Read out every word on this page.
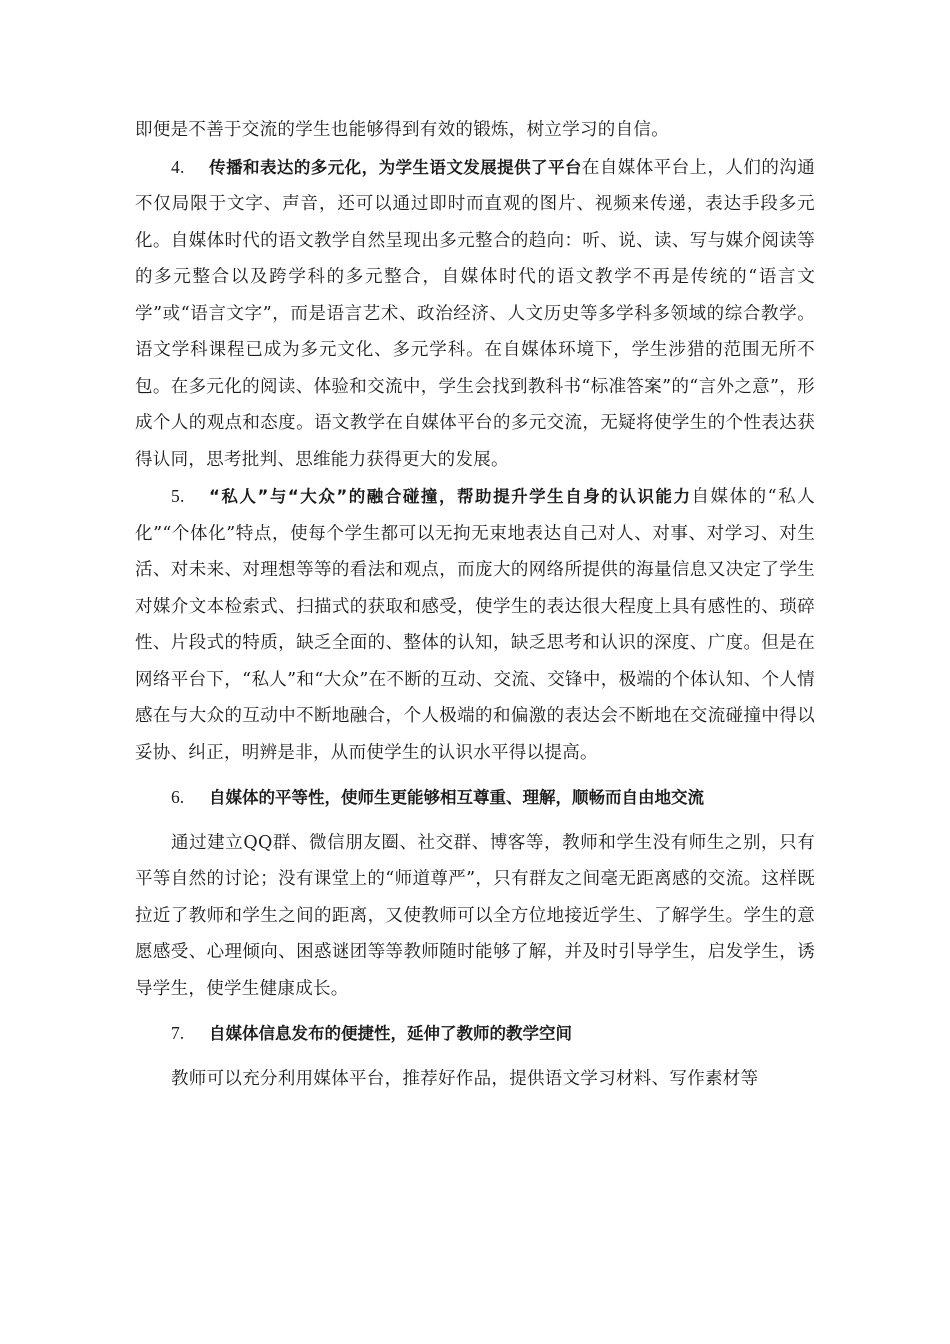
即便是不善于交流的学生也能够得到有效的锻炼，树立学习的自信。

4. 传播和表达的多元化，为学生语文发展提供了平台在自媒体平台上，人们的沟通不仅局限于文字、声音，还可以通过即时而直观的图片、视频来传递，表达手段多元化。自媒体时代的语文教学自然呈现出多元整合的趋向：听、说、读、写与媒介阅读等的多元整合以及跨学科的多元整合，自媒体时代的语文教学不再是传统的“语言文学”或“语言文字”，而是语言艺术、政治经济、人文历史等多学科多领域的综合教学。语文学科课程已成为多元文化、多元学科。在自媒体环境下，学生涉猎的范围无所不包。在多元化的阅读、体验和交流中，学生会找到教科书“标准答案”的“言外之意”，形成个人的观点和态度。语文教学在自媒体平台的多元交流，无疑将使学生的个性表达获得认同，思考批判、思维能力获得更大的发展。

5. “私人”与“大众”的融合碰撞，帮助提升学生自身的认识能力自媒体的“私人化”“个体化”特点，使每个学生都可以无拘无束地表达自己对人、对事、对学习、对生活、对未来、对理想等等的看法和观点，而庞大的网络所提供的海量信息又决定了学生对媒介文本检索式、扫描式的获取和感受，使学生的表达很大程度上具有感性的、琐碎性、片段式的特质，缺乏全面的、整体的认知，缺乏思考和认识的深度、广度。但是在网络平台下，“私人”和“大众”在不断的互动、交流、交锋中，极端的个体认知、个人情感在与大众的互动中不断地融合，个人极端的和偏激的表达会不断地在交流碰撞中得以妥协、纠正，明辨是非，从而使学生的认识水平得以提高。

6. 自媒体的平等性，使师生更能够相互尊重、理解，顺畅而自由地交流

通过建立QQ群、微信朋友圈、社交群、博客等，教师和学生没有师生之别，只有平等自然的讨论；没有课堂上的“师道尊严”，只有群友之间毫无距离感的交流。这样既拉近了教师和学生之间的距离，又使教师可以全方位地接近学生、了解学生。学生的意愿感受、心理倾向、困惑谜团等等教师随时能够了解，并及时引导学生，启发学生，诱导学生，使学生健康成长。

7. 自媒体信息发布的便捷性，延伸了教师的教学空间

教师可以充分利用媒体平台，推荐好作品，提供语文学习材料、写作素材等
